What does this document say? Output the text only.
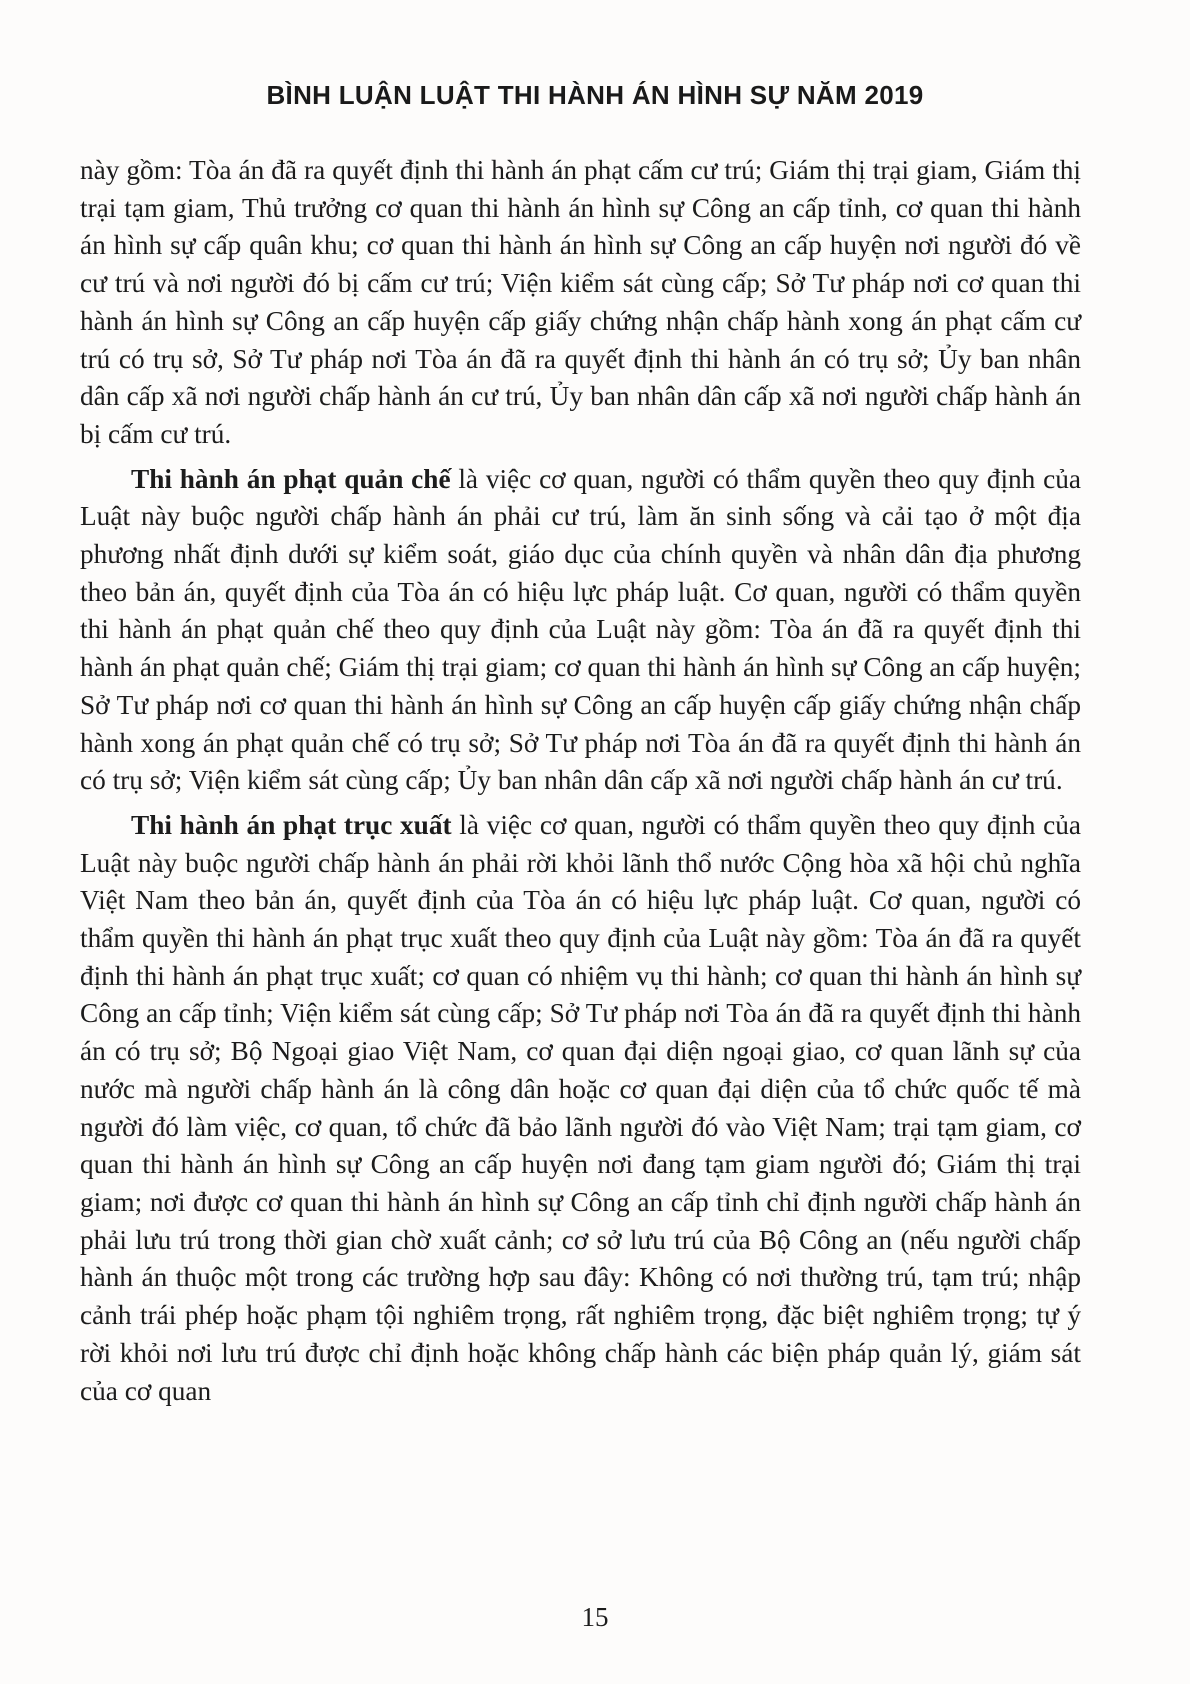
BÌNH LUẬN LUẬT THI HÀNH ÁN HÌNH SỰ NĂM 2019

này gồm: Tòa án đã ra quyết định thi hành án phạt cấm cư trú; Giám thị trại giam, Giám thị trại tạm giam, Thủ trưởng cơ quan thi hành án hình sự Công an cấp tỉnh, cơ quan thi hành án hình sự cấp quân khu; cơ quan thi hành án hình sự Công an cấp huyện nơi người đó về cư trú và nơi người đó bị cấm cư trú; Viện kiểm sát cùng cấp; Sở Tư pháp nơi cơ quan thi hành án hình sự Công an cấp huyện cấp giấy chứng nhận chấp hành xong án phạt cấm cư trú có trụ sở, Sở Tư pháp nơi Tòa án đã ra quyết định thi hành án có trụ sở; Ủy ban nhân dân cấp xã nơi người chấp hành án cư trú, Ủy ban nhân dân cấp xã nơi người chấp hành án bị cấm cư trú.

Thi hành án phạt quản chế là việc cơ quan, người có thẩm quyền theo quy định của Luật này buộc người chấp hành án phải cư trú, làm ăn sinh sống và cải tạo ở một địa phương nhất định dưới sự kiểm soát, giáo dục của chính quyền và nhân dân địa phương theo bản án, quyết định của Tòa án có hiệu lực pháp luật. Cơ quan, người có thẩm quyền thi hành án phạt quản chế theo quy định của Luật này gồm: Tòa án đã ra quyết định thi hành án phạt quản chế; Giám thị trại giam; cơ quan thi hành án hình sự Công an cấp huyện; Sở Tư pháp nơi cơ quan thi hành án hình sự Công an cấp huyện cấp giấy chứng nhận chấp hành xong án phạt quản chế có trụ sở; Sở Tư pháp nơi Tòa án đã ra quyết định thi hành án có trụ sở; Viện kiểm sát cùng cấp; Ủy ban nhân dân cấp xã nơi người chấp hành án cư trú.

Thi hành án phạt trục xuất là việc cơ quan, người có thẩm quyền theo quy định của Luật này buộc người chấp hành án phải rời khỏi lãnh thổ nước Cộng hòa xã hội chủ nghĩa Việt Nam theo bản án, quyết định của Tòa án có hiệu lực pháp luật. Cơ quan, người có thẩm quyền thi hành án phạt trục xuất theo quy định của Luật này gồm: Tòa án đã ra quyết định thi hành án phạt trục xuất; cơ quan có nhiệm vụ thi hành; cơ quan thi hành án hình sự Công an cấp tỉnh; Viện kiểm sát cùng cấp; Sở Tư pháp nơi Tòa án đã ra quyết định thi hành án có trụ sở; Bộ Ngoại giao Việt Nam, cơ quan đại diện ngoại giao, cơ quan lãnh sự của nước mà người chấp hành án là công dân hoặc cơ quan đại diện của tổ chức quốc tế mà người đó làm việc, cơ quan, tổ chức đã bảo lãnh người đó vào Việt Nam; trại tạm giam, cơ quan thi hành án hình sự Công an cấp huyện nơi đang tạm giam người đó; Giám thị trại giam; nơi được cơ quan thi hành án hình sự Công an cấp tỉnh chỉ định người chấp hành án phải lưu trú trong thời gian chờ xuất cảnh; cơ sở lưu trú của Bộ Công an (nếu người chấp hành án thuộc một trong các trường hợp sau đây: Không có nơi thường trú, tạm trú; nhập cảnh trái phép hoặc phạm tội nghiêm trọng, rất nghiêm trọng, đặc biệt nghiêm trọng; tự ý rời khỏi nơi lưu trú được chỉ định hoặc không chấp hành các biện pháp quản lý, giám sát của cơ quan

15
